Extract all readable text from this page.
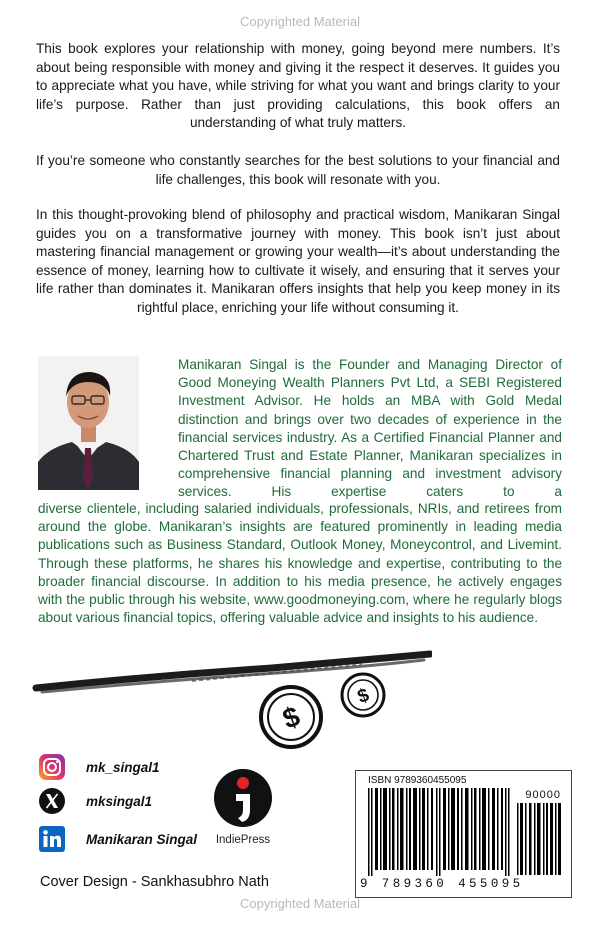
Copyrighted Material

This book explores your relationship with money, going beyond mere numbers. It’s about being responsible with money and giving it the respect it deserves. It guides you to appreciate what you have, while striving for what you want and brings clarity to your life’s purpose. Rather than just providing calculations, this book offers an understanding of what truly matters.

If you’re someone who constantly searches for the best solutions to your financial and life challenges, this book will resonate with you.

In this thought-provoking blend of philosophy and practical wisdom, Manikaran Singal guides you on a transformative journey with money. This book isn’t just about mastering financial management or growing your wealth—it’s about understanding the essence of money, learning how to cultivate it wisely, and ensuring that it serves your life rather than dominates it. Manikaran offers insights that help you keep money in its rightful place, enriching your life without consuming it.

Manikaran Singal is the Founder and Managing Director of Good Moneying Wealth Planners Pvt Ltd, a SEBI Registered Investment Advisor. He holds an MBA with Gold Medal distinction and brings over two decades of experience in the financial services industry. As a Certified Financial Planner and Chartered Trust and Estate Planner, Manikaran specializes in comprehensive financial planning and investment advisory services. His expertise caters to a

diverse clientele, including salaried individuals, professionals, NRIs, and retirees from around the globe. Manikaran’s insights are featured prominently in leading media publications such as Business Standard, Outlook Money, Moneycontrol, and Livemint. Through these platforms, he shares his knowledge and expertise, contributing to the broader financial discourse. In addition to his media presence, he actively engages with the public through his website, www.goodmoneying.com, where he regularly blogs about various financial topics, offering valuable advice and insights to his audience.

$
$
mk_singal1
mksingal1
Manikaran Singal	IndiePress
Cover Design - Sankhasubhro Nath
ISBN 9789360455095
90000
9 789360 455095
Copyrighted Material
